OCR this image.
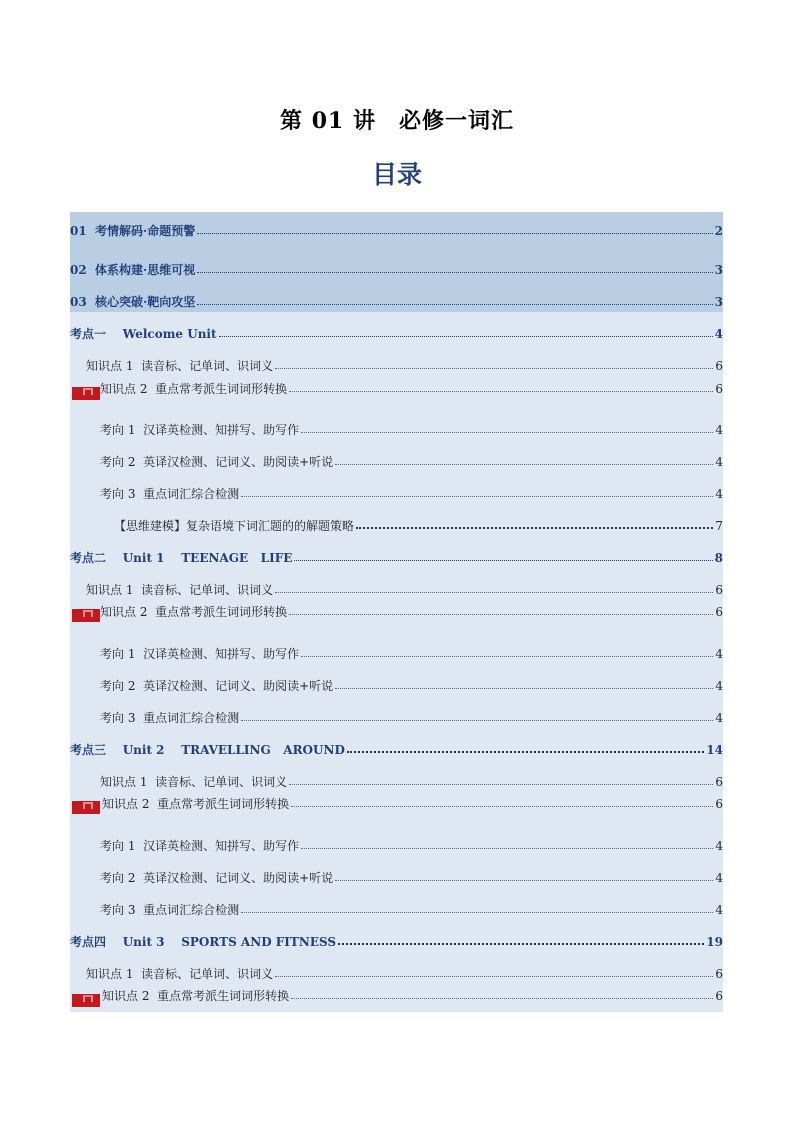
第 01 讲　必修一词汇
目录
01  考情解码·命题预警	2
02  体系构建·思维可视	3
03  核心突破·靶向攻坚	3
考点一    Welcome Unit	4
知识点 1  读音标、记单词、识词义	6
知识点 2  重点常考派生词词形转换	6
考向 1  汉译英检测、知拼写、助写作	4
考向 2  英译汉检测、记词义、助阅读+听说	4
考向 3  重点词汇综合检测	4
【思维建模】复杂语境下词汇题的的解题策略	7
考点二    Unit 1    TEENAGE   LIFE	8
知识点 1  读音标、记单词、识词义	6
知识点 2  重点常考派生词词形转换	6
考向 1  汉译英检测、知拼写、助写作	4
考向 2  英译汉检测、记词义、助阅读+听说	4
考向 3  重点词汇综合检测	4
考点三    Unit 2    TRAVELLING   AROUND	14
知识点 1  读音标、记单词、识词义	6
知识点 2  重点常考派生词词形转换	6
考向 1  汉译英检测、知拼写、助写作	4
考向 2  英译汉检测、记词义、助阅读+听说	4
考向 3  重点词汇综合检测	4
考点四    Unit 3    SPORTS AND FITNESS	19
知识点 1  读音标、记单词、识词义	6
知识点 2  重点常考派生词词形转换	6
